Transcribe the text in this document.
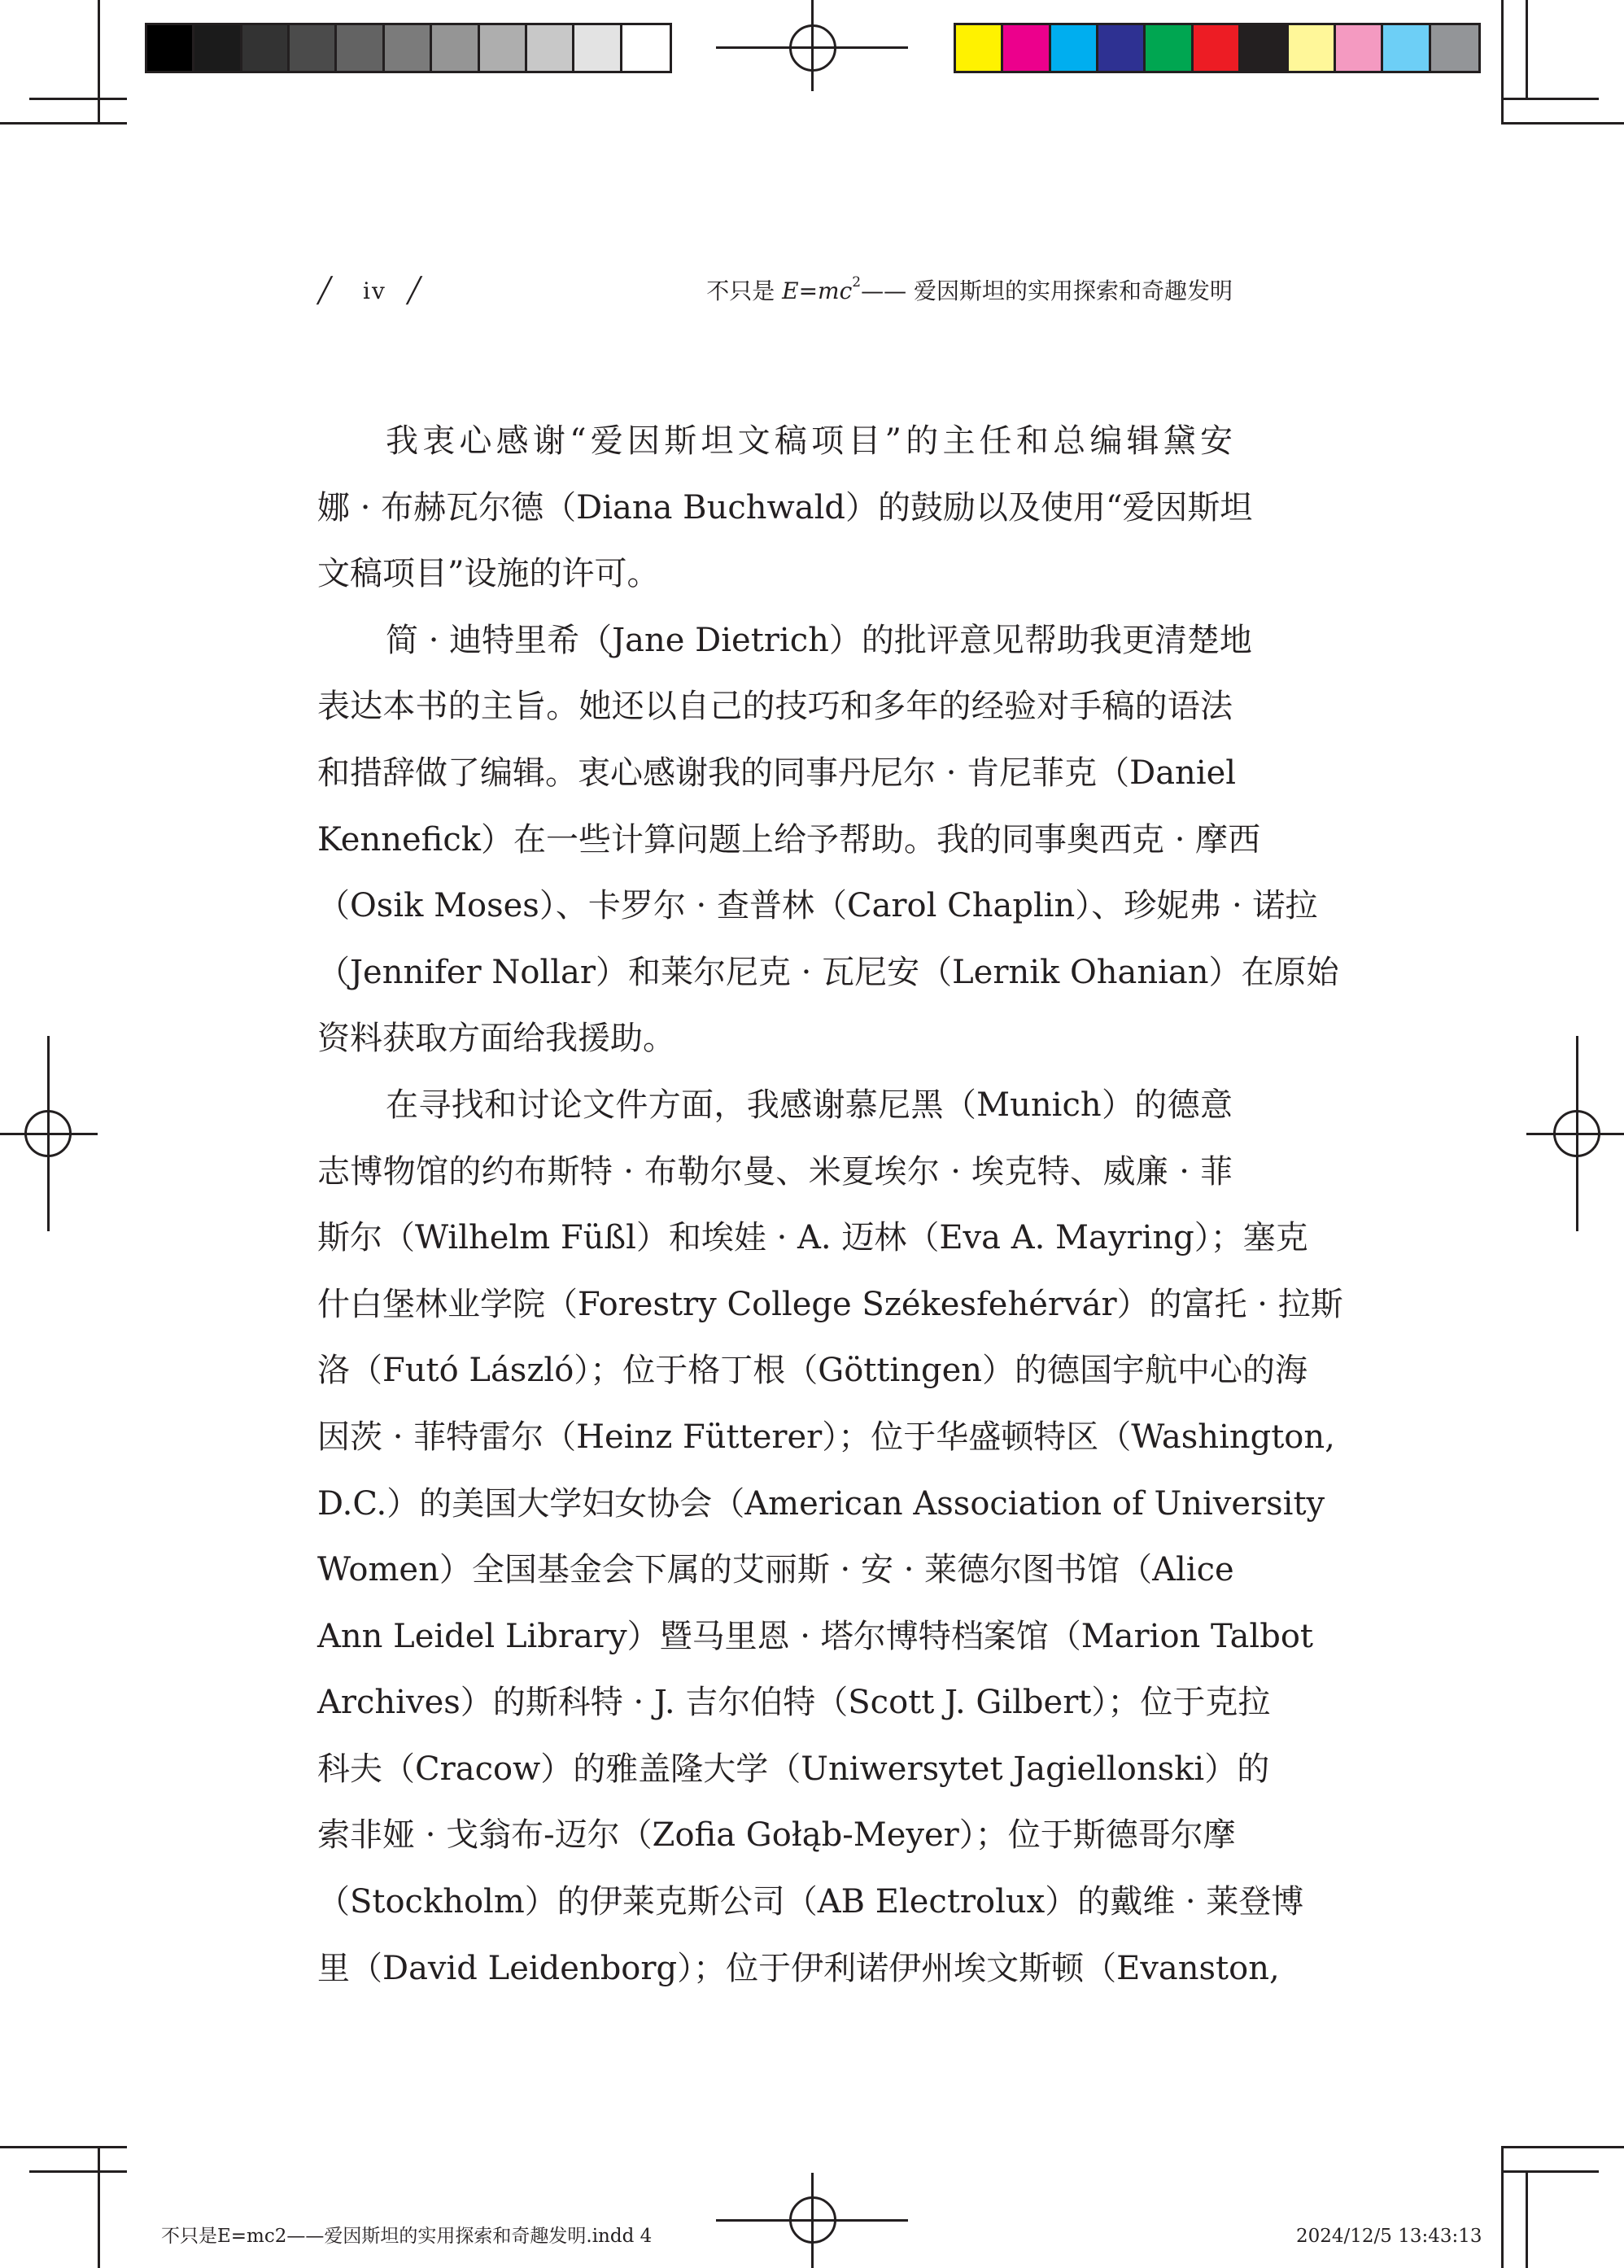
╱ iv ╱	不只是 $E=mc^2——$ 爱因斯坦的实用探索和奇趣发明
我衷心感谢“爱因斯坦文稿项目”的主任和总编辑黛安
娜 · 布赫瓦尔德（Diana Buchwald）的鼓励以及使用“爱因斯坦
文稿项目”设施的许可。
简 · 迪特里希（Jane Dietrich）的批评意见帮助我更清楚地
表达本书的主旨。她还以自己的技巧和多年的经验对手稿的语法
和措辞做了编辑。衷心感谢我的同事丹尼尔 · 肯尼菲克（Daniel
Kennefick）在一些计算问题上给予帮助。我的同事奥西克 · 摩西
（Osik Moses）、卡罗尔 · 查普林（Carol Chaplin）、珍妮弗 · 诺拉
（Jennifer Nollar）和莱尔尼克 · 瓦尼安（Lernik Ohanian）在原始
资料获取方面给我援助。
在寻找和讨论文件方面，我感谢慕尼黑（Munich）的德意
志博物馆的约布斯特 · 布勒尔曼、米夏埃尔 · 埃克特、威廉 · 菲
斯尔（Wilhelm Füßl）和埃娃 · A. 迈林（Eva A. Mayring）；塞克
什白堡林业学院（Forestry College Székesfehérvár）的富托 · 拉斯
洛（Futó László）；位于格丁根（Göttingen）的德国宇航中心的海
因茨 · 菲特雷尔（Heinz Fütterer）；位于华盛顿特区（Washington,
D.C.）的美国大学妇女协会（American Association of University
Women）全国基金会下属的艾丽斯 · 安 · 莱德尔图书馆（Alice
Ann Leidel Library）暨马里恩 · 塔尔博特档案馆（Marion Talbot
Archives）的斯科特 · J. 吉尔伯特（Scott J. Gilbert）；位于克拉
科夫（Cracow）的雅盖隆大学（Uniwersytet Jagiellonski）的
索非娅 · 戈翁布-迈尔（Zofia Gołąb-Meyer）；位于斯德哥尔摩
（Stockholm）的伊莱克斯公司（AB Electrolux）的戴维 · 莱登博
里（David Leidenborg）；位于伊利诺伊州埃文斯顿（Evanston,
不只是E=mc2——爱因斯坦的实用探索和奇趣发明.indd 4	2024/12/5 13:43:13
